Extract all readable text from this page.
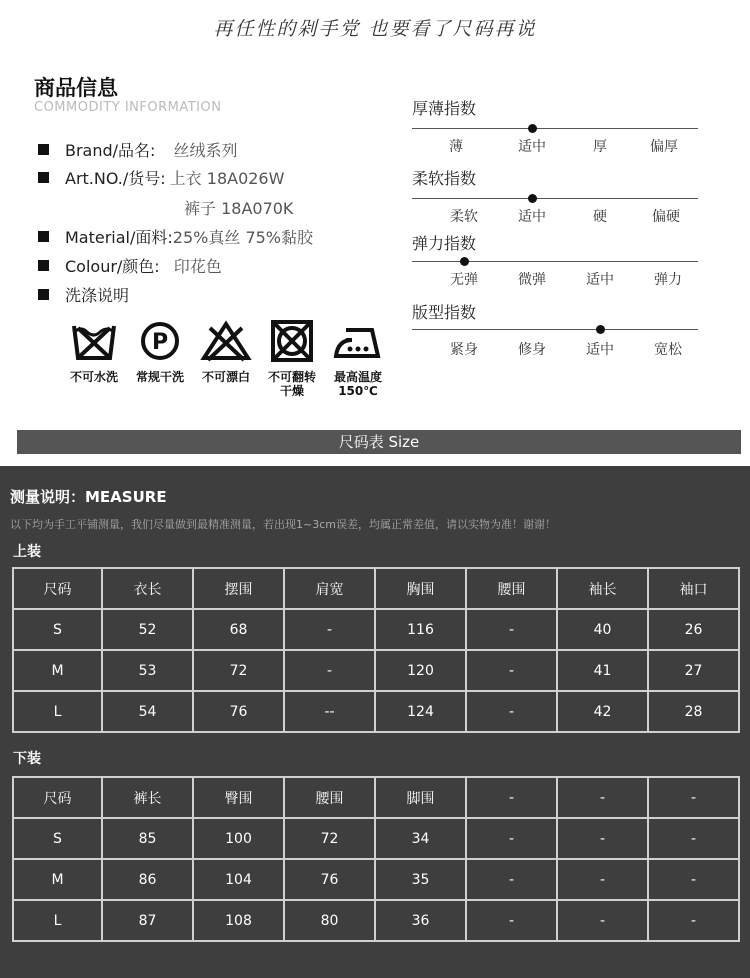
再任性的剁手党 也要看了尺码再说
商品信息
COMMODITY INFORMATION
Brand/品名: 丝绒系列
Art.NO./货号: 上衣 18A026W
裤子 18A070K
Material/面料: 25%真丝 75%黏胶
Colour/颜色: 印花色
洗涤说明
不可水洗
P
常规干洗 不可漂白 不可翻转
干燥
最高温度
150℃
厚薄指数
薄	适中	厚	偏厚
柔软指数
柔软	适中	硬	偏硬
弹力指数
无弹	微弹	适中	弹力
版型指数
紧身	修身	适中	宽松
尺码表 Size
测量说明：MEASURE
以下均为手工平铺测量，我们尽量做到最精准测量，若出现1~3cm误差，均属正常差值，请以实物为准！谢谢！
上装
尺码	衣长	摆围	肩宽	胸围	腰围	袖长	袖口
S	52	68	-	116	-	40	26
M	53	72	-	120	-	41	27
L	54	76	--	124	-	42	28
下装
尺码	裤长	臀围	腰围	脚围	-	-	-
S	85	100	72	34	-	-	-
M	86	104	76	35	-	-	-
L	87	108	80	36	-	-	-
